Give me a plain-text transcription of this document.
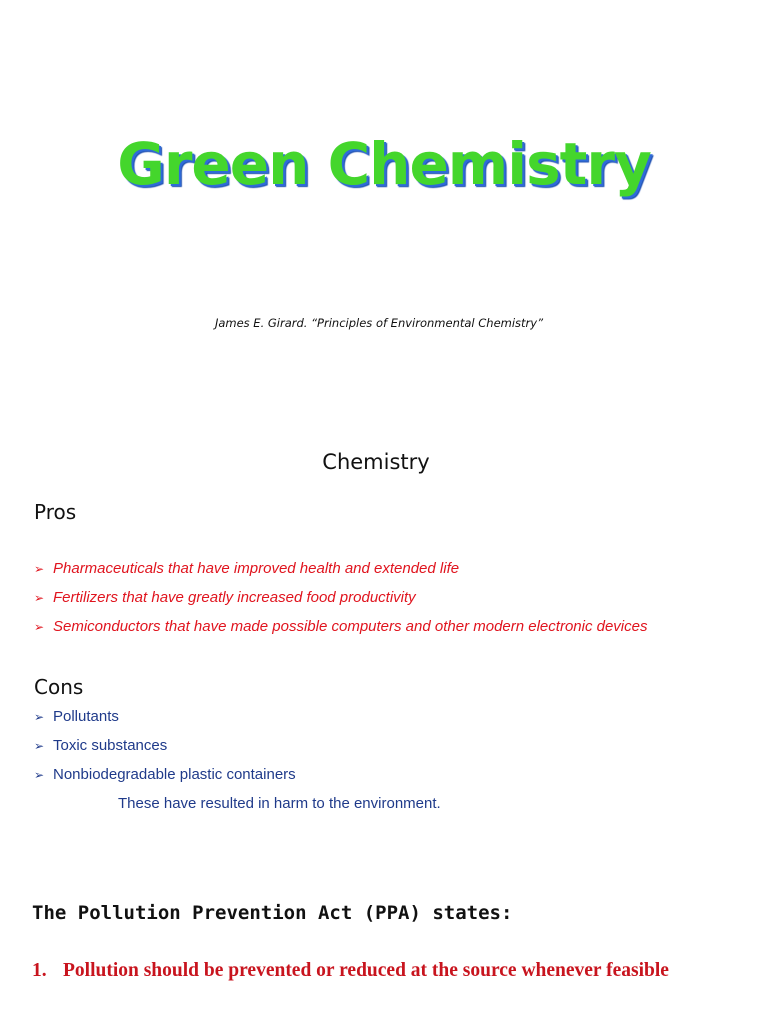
Green Chemistry
James E. Girard. “Principles of Environmental Chemistry”
Chemistry
Pros
➢ Pharmaceuticals that have improved health and extended life
➢ Fertilizers that have greatly increased food productivity
➢ Semiconductors that have made possible computers and other modern electronic devices
Cons
➢ Pollutants
➢ Toxic substances
➢ Nonbiodegradable plastic containers
These have resulted in harm to the environment.
The Pollution Prevention Act (PPA) states:
1. Pollution should be prevented or reduced at the source whenever feasible
